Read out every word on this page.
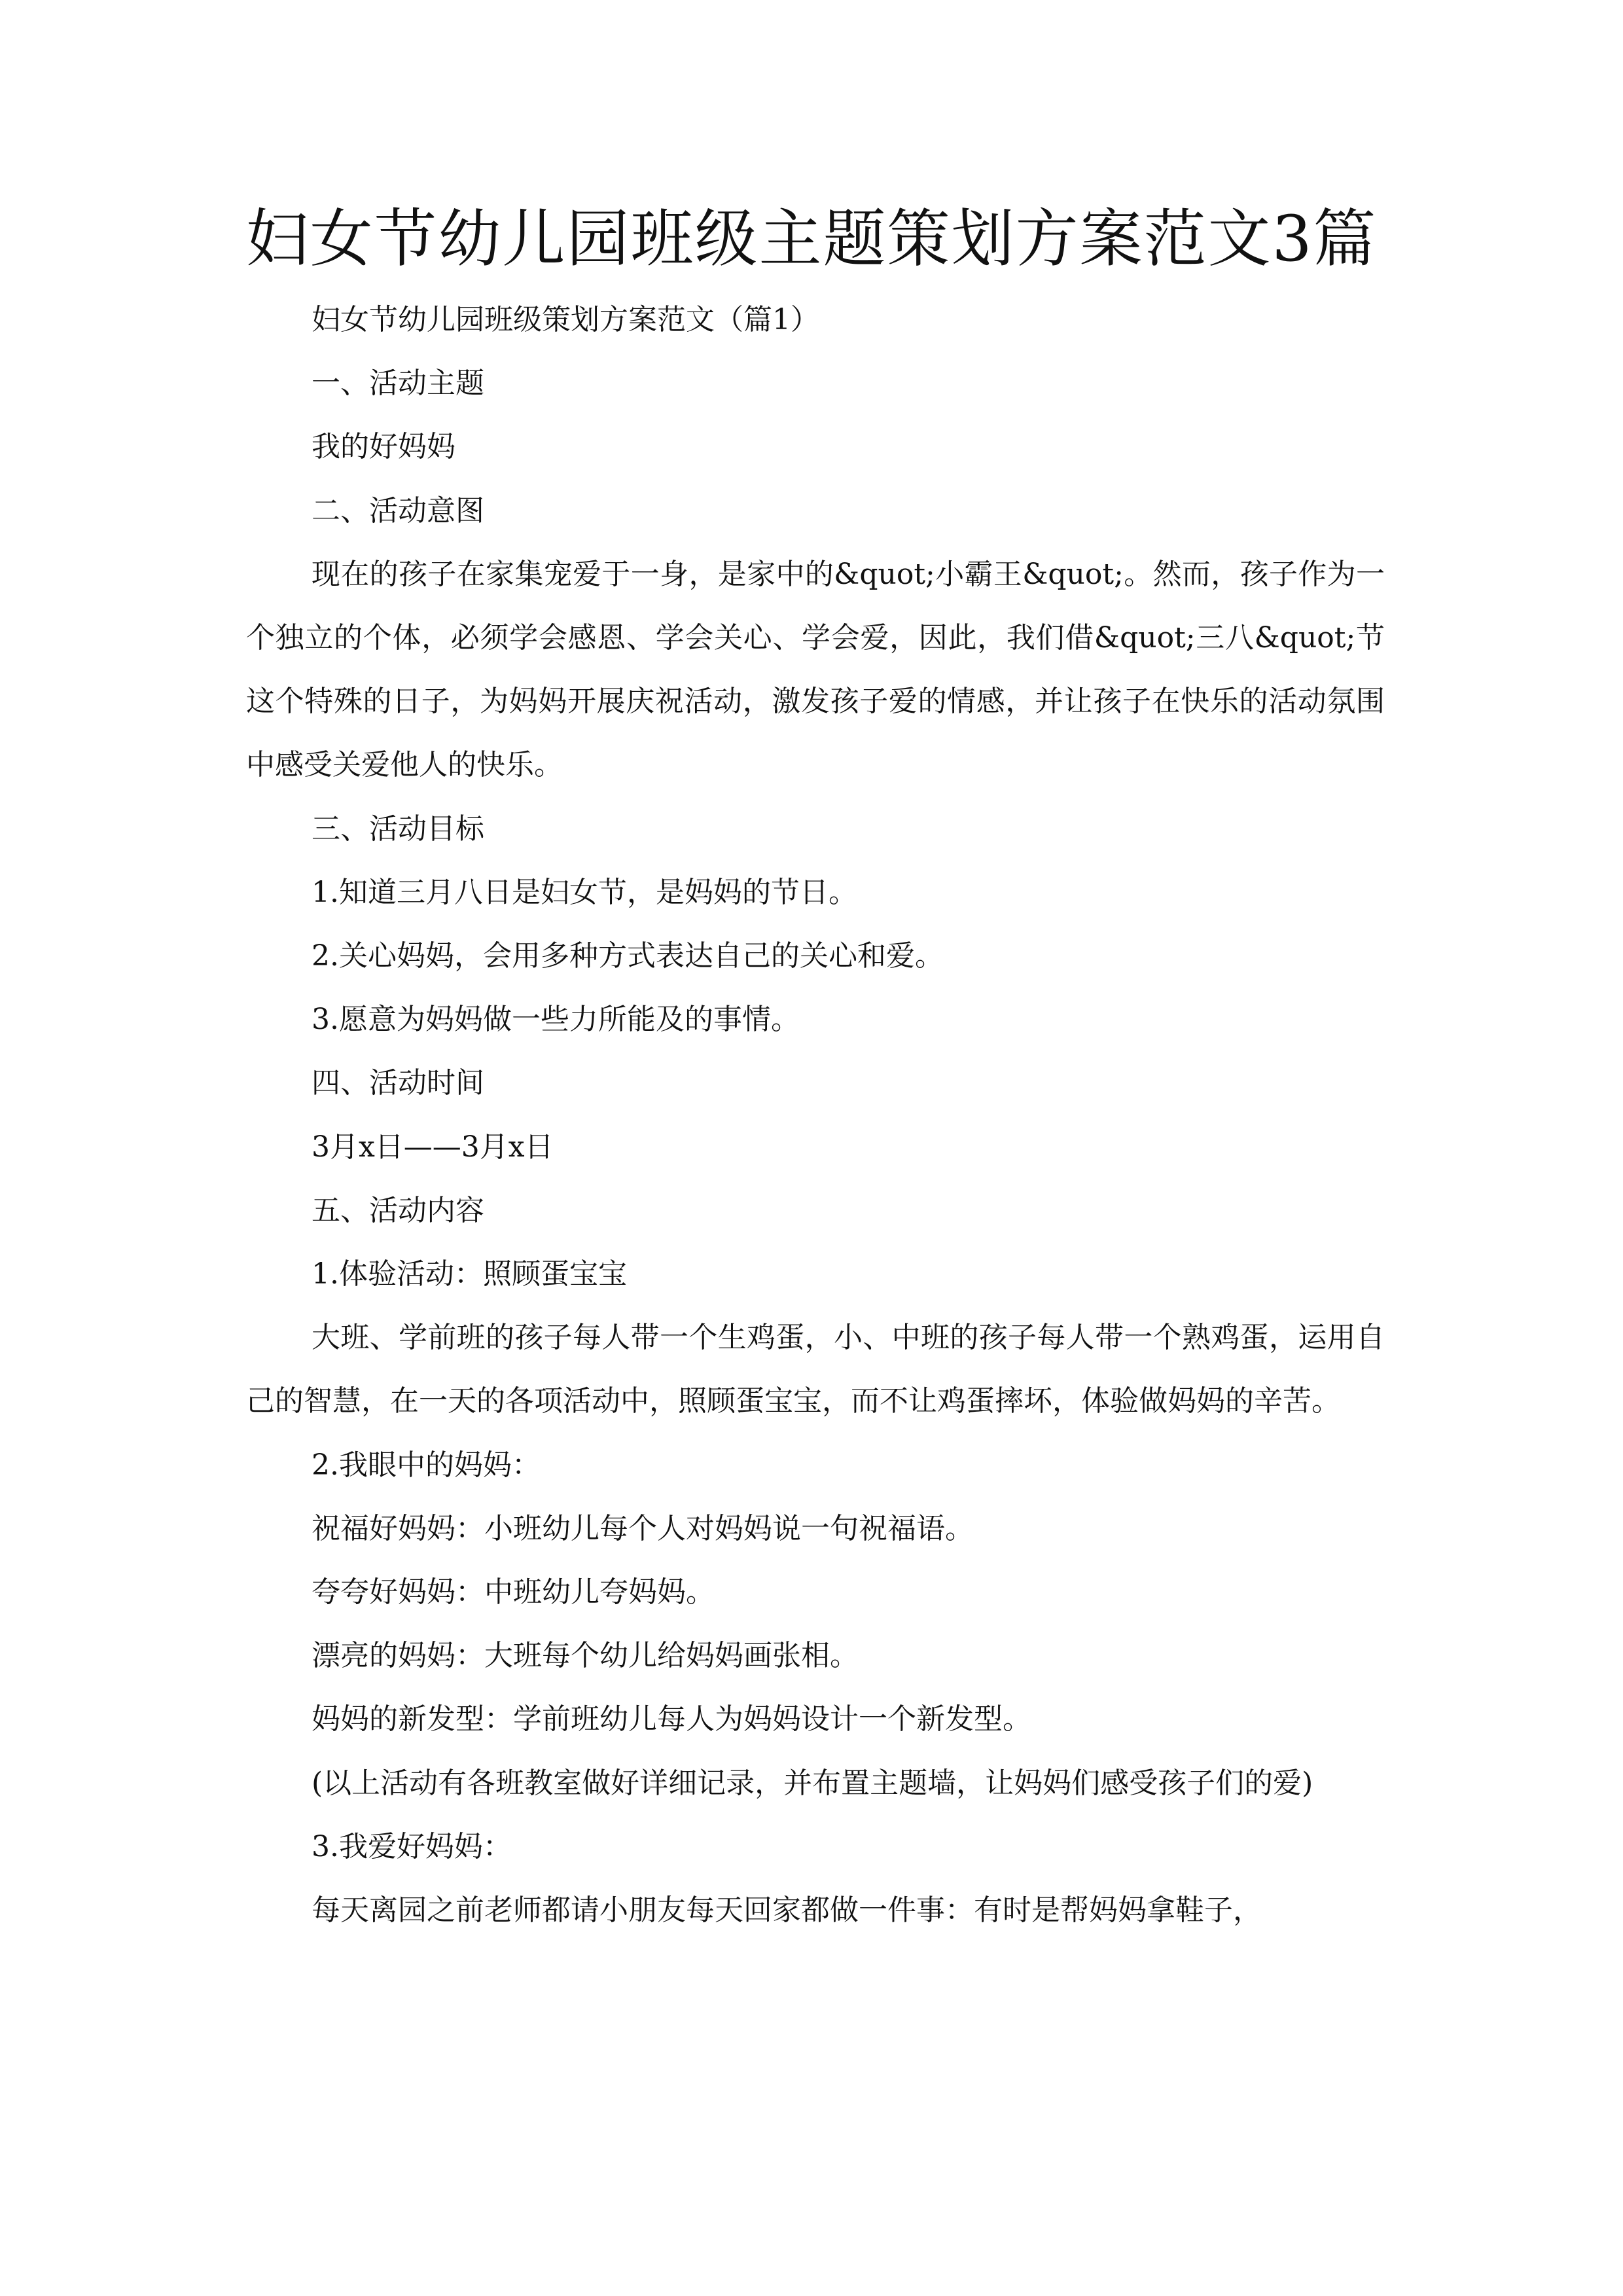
妇女节幼儿园班级主题策划方案范文3篇

妇女节幼儿园班级策划方案范文（篇1）

一、活动主题

我的好妈妈

二、活动意图

现在的孩子在家集宠爱于一身，是家中的&quot;小霸王&quot;。然而，孩子作为一个独立的个体，必须学会感恩、学会关心、学会爱，因此，我们借&quot;三八&quot;节这个特殊的日子，为妈妈开展庆祝活动，激发孩子爱的情感，并让孩子在快乐的活动氛围中感受关爱他人的快乐。

三、活动目标

1.知道三月八日是妇女节，是妈妈的节日。

2.关心妈妈，会用多种方式表达自己的关心和爱。

3.愿意为妈妈做一些力所能及的事情。

四、活动时间

3月x日——3月x日

五、活动内容

1.体验活动：照顾蛋宝宝

大班、学前班的孩子每人带一个生鸡蛋，小、中班的孩子每人带一个熟鸡蛋，运用自己的智慧，在一天的各项活动中，照顾蛋宝宝，而不让鸡蛋摔坏，体验做妈妈的辛苦。

2.我眼中的妈妈：

祝福好妈妈：小班幼儿每个人对妈妈说一句祝福语。

夸夸好妈妈：中班幼儿夸妈妈。

漂亮的妈妈：大班每个幼儿给妈妈画张相。

妈妈的新发型：学前班幼儿每人为妈妈设计一个新发型。

(以上活动有各班教室做好详细记录，并布置主题墙，让妈妈们感受孩子们的爱)

3.我爱好妈妈：

每天离园之前老师都请小朋友每天回家都做一件事：有时是帮妈妈拿鞋子，
